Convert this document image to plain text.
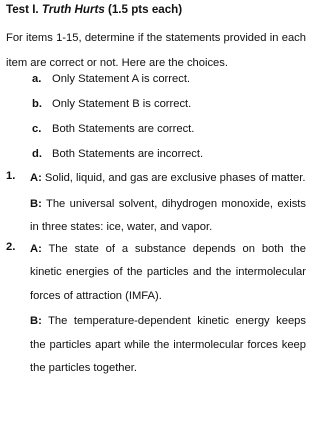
Test I. Truth Hurts (1.5 pts each)

For items 1-15, determine if the statements provided in each item are correct or not. Here are the choices.

a. Only Statement A is correct.
b. Only Statement B is correct.
c. Both Statements are correct.
d. Both Statements are incorrect.
1. A: Solid, liquid, and gas are exclusive phases of matter.

B: The universal solvent, dihydrogen monoxide, exists in three states: ice, water, and vapor.

2. A: The state of a substance depends on both the kinetic energies of the particles and the intermolecular forces of attraction (IMFA).

B: The temperature-dependent kinetic energy keeps the particles apart while the intermolecular forces keep the particles together.
